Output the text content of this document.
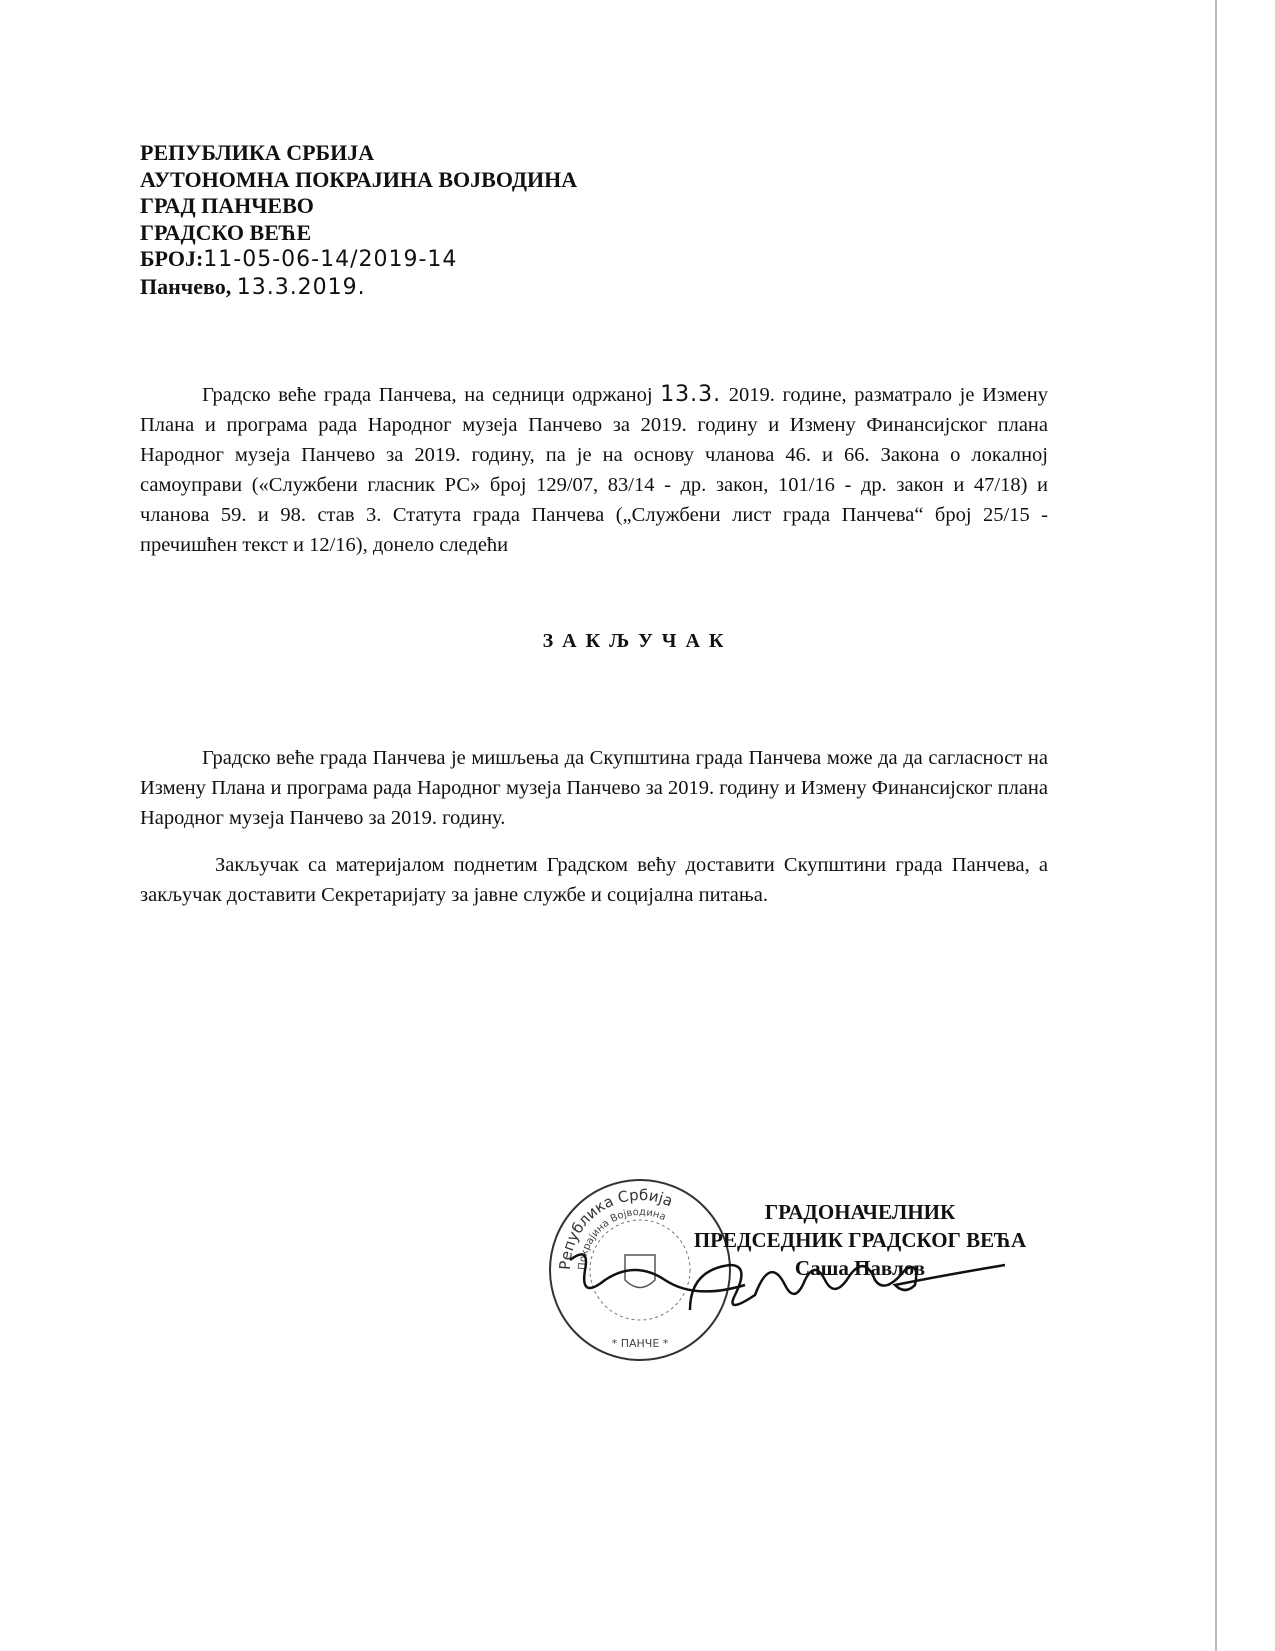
РЕПУБЛИКА СРБИЈА
АУТОНОМНА ПОКРАЈИНА ВОЈВОДИНА
ГРАД ПАНЧЕВО
ГРАДСКО ВЕЋЕ
БРОЈ:11-05-06-14/2019-14
Панчево, 13.3.2019.
Градско веће града Панчева, на седници одржаној 13.3. 2019. године, разматрало је Измену Плана и програма рада Народног музеја Панчево за 2019. годину и Измену Финансијског плана Народног музеја Панчево за 2019. годину, па је на основу чланова 46. и 66. Закона о локалној самоуправи («Службени гласник РС» број 129/07, 83/14 - др. закон, 101/16 - др. закон и 47/18) и чланова 59. и 98. став 3. Статута града Панчева („Службени лист града Панчева“ број 25/15 - пречишћен текст и 12/16), донело следећи
ЗАКЉУЧАК
Градско веће града Панчева је мишљења да Скупштина града Панчева може да да сагласност на Измену Плана и програма рада Народног музеја Панчево за 2019. годину и Измену Финансијског плана Народног музеја Панчево за 2019. годину.
Закључак са материјалом поднетим Градском већу доставити Скупштини града Панчева, а закључак доставити Секретаријату за јавне службе и социјална питања.
Република Србија
Покрајина Војводина
* ПАНЧЕ *
ГРАДОНАЧЕЛНИК
ПРЕДСЕДНИК ГРАДСКОГ ВЕЋА
Саша Павлов
